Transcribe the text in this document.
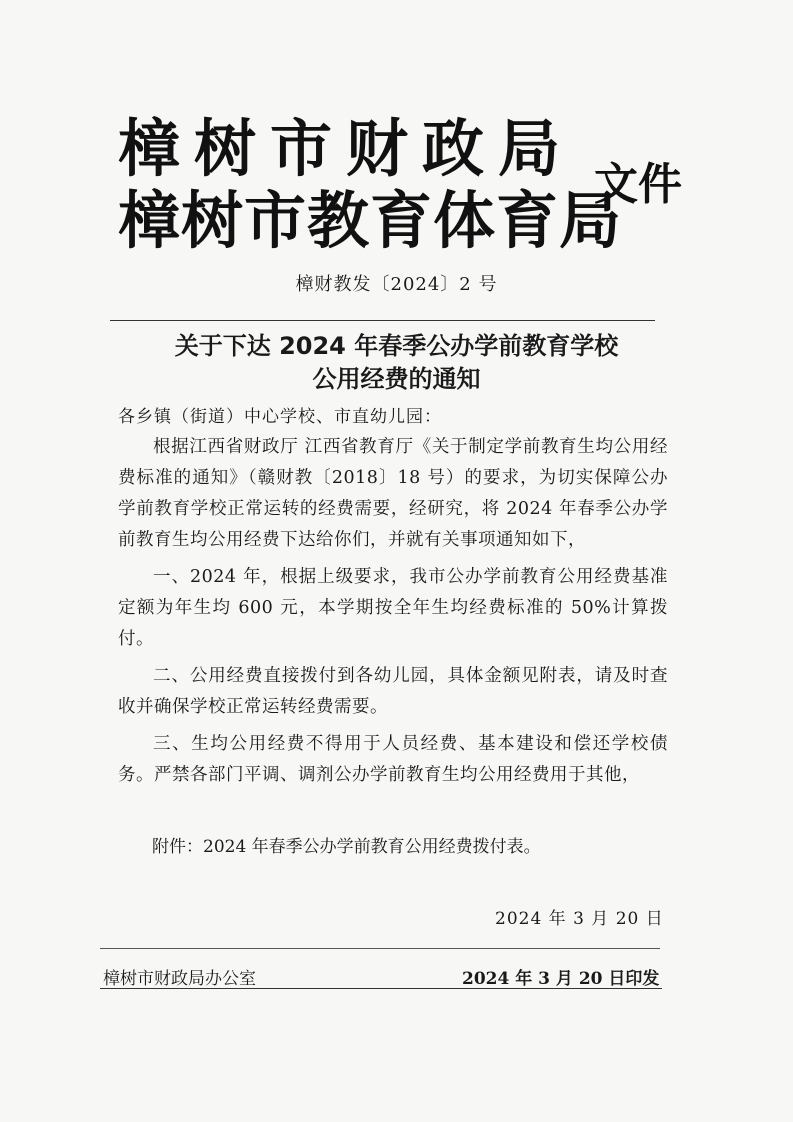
樟树市财政局
樟树市教育体育局
文件
樟财教发〔2024〕2 号
关于下达 2024 年春季公办学前教育学校
公用经费的通知
各乡镇（街道）中心学校、市直幼儿园：

根据江西省财政厅 江西省教育厅《关于制定学前教育生均公用经费标准的通知》（赣财教〔2018〕18 号）的要求，为切实保障公办学前教育学校正常运转的经费需要，经研究，将 2024 年春季公办学前教育生均公用经费下达给你们，并就有关事项通知如下，

一、2024 年，根据上级要求，我市公办学前教育公用经费基准定额为年生均 600 元，本学期按全年生均经费标准的 50%计算拨付。

二、公用经费直接拨付到各幼儿园，具体金额见附表，请及时查收并确保学校正常运转经费需要。

三、生均公用经费不得用于人员经费、基本建设和偿还学校债务。严禁各部门平调、调剂公办学前教育生均公用经费用于其他，

附件：2024 年春季公办学前教育公用经费拨付表。
2024 年 3 月 20 日
樟树市财政局办公室	2024 年 3 月 20 日印发
